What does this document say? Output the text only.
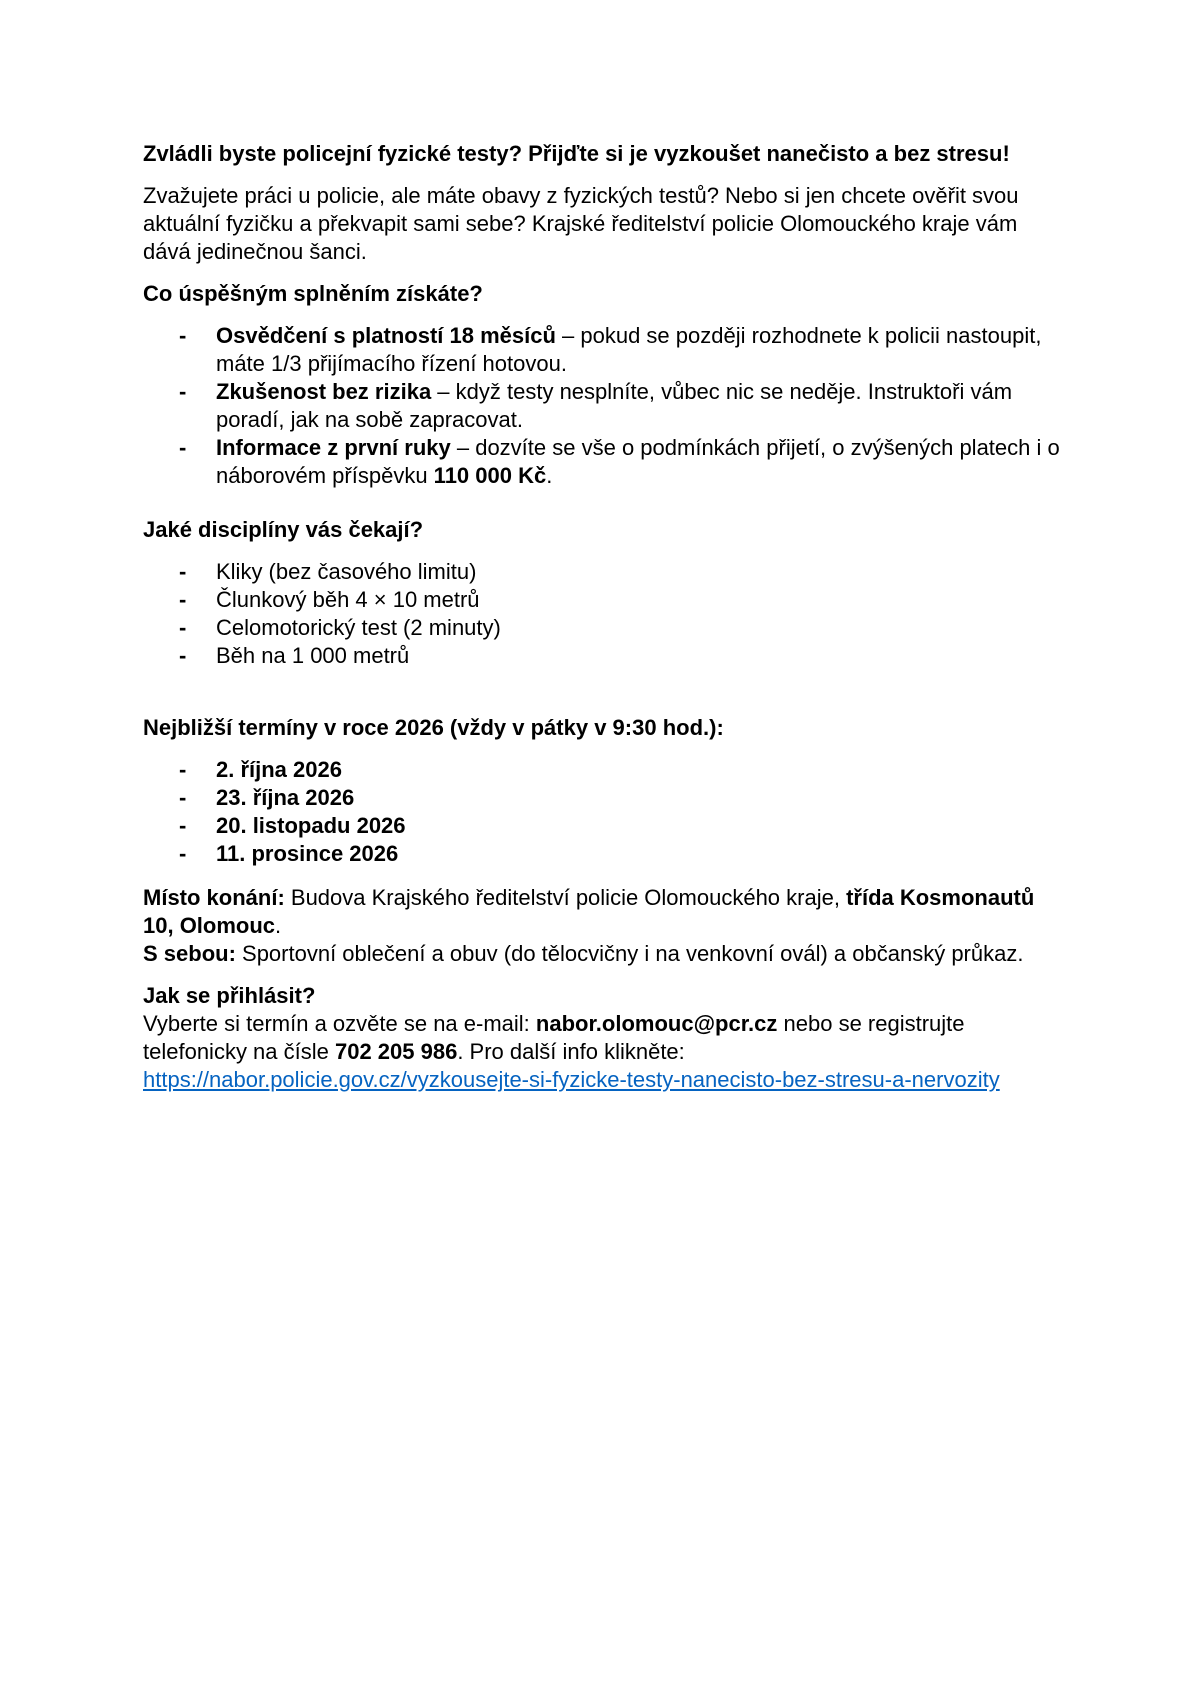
Zvládli byste policejní fyzické testy? Přijďte si je vyzkoušet nanečisto a bez stresu!

Zvažujete práci u policie, ale máte obavy z fyzických testů? Nebo si jen chcete ověřit svou aktuální fyzičku a překvapit sami sebe? Krajské ředitelství policie Olomouckého kraje vám dává jedinečnou šanci.

Co úspěšným splněním získáte?

- Osvědčení s platností 18 měsíců – pokud se později rozhodnete k policii nastoupit, máte 1/3 přijímacího řízení hotovou.
- Zkušenost bez rizika – když testy nesplníte, vůbec nic se neděje. Instruktoři vám poradí, jak na sobě zapracovat.
- Informace z první ruky – dozvíte se vše o podmínkách přijetí, o zvýšených platech i o náborovém příspěvku 110 000 Kč.

Jaké disciplíny vás čekají?

- Kliky (bez časového limitu)
- Člunkový běh 4 × 10 metrů
- Celomotorický test (2 minuty)
- Běh na 1 000 metrů

Nejbližší termíny v roce 2026 (vždy v pátky v 9:30 hod.):

- 2. října 2026
- 23. října 2026
- 20. listopadu 2026
- 11. prosince 2026

Místo konání: Budova Krajského ředitelství policie Olomouckého kraje, třída Kosmonautů 10, Olomouc.

S sebou: Sportovní oblečení a obuv (do tělocvičny i na venkovní ovál) a občanský průkaz.

Jak se přihlásit?

Vyberte si termín a ozvěte se na e-mail: nabor.olomouc@pcr.cz nebo se registrujte telefonicky na čísle 702 205 986. Pro další info klikněte: https://nabor.policie.gov.cz/vyzkousejte-si-fyzicke-testy-nanecisto-bez-stresu-a-nervozity
